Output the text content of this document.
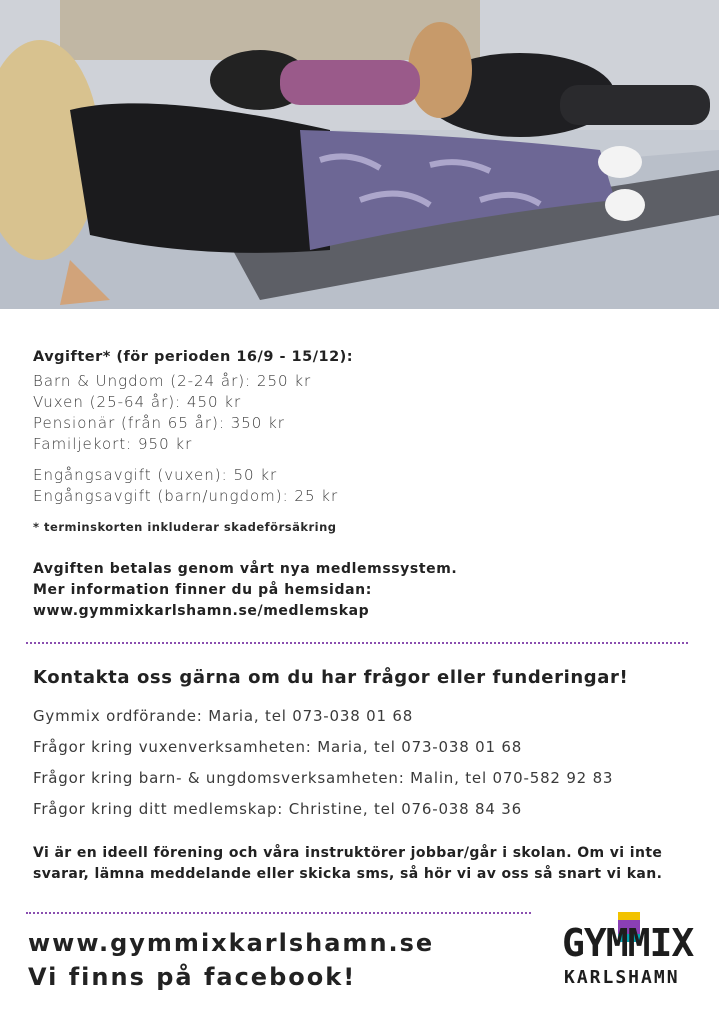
Avgifter* (för perioden 16/9 - 15/12):
Barn & Ungdom (2-24 år): 250 kr
Vuxen (25-64 år): 450 kr
Pensionär (från 65 år): 350 kr
Familjekort: 950 kr
Engångsavgift (vuxen): 50 kr
Engångsavgift (barn/ungdom): 25 kr
* terminskorten inkluderar skadeförsäkring
Avgiften betalas genom vårt nya medlemssystem.
Mer information finner du på hemsidan:
www.gymmixkarlshamn.se/medlemskap
Kontakta oss gärna om du har frågor eller funderingar!
Gymmix ordförande: Maria, tel 073-038 01 68
Frågor kring vuxenverksamheten: Maria, tel 073-038 01 68
Frågor kring barn- & ungdomsverksamheten: Malin, tel 070-582 92 83
Frågor kring ditt medlemskap: Christine, tel 076-038 84 36
Vi är en ideell förening och våra instruktörer jobbar/går i skolan. Om vi inte
svarar, lämna meddelande eller skicka sms, så hör vi av oss så snart vi kan.
www.gymmixkarlshamn.se
Vi finns på facebook!
GYMMIX
KARLSHAMN
